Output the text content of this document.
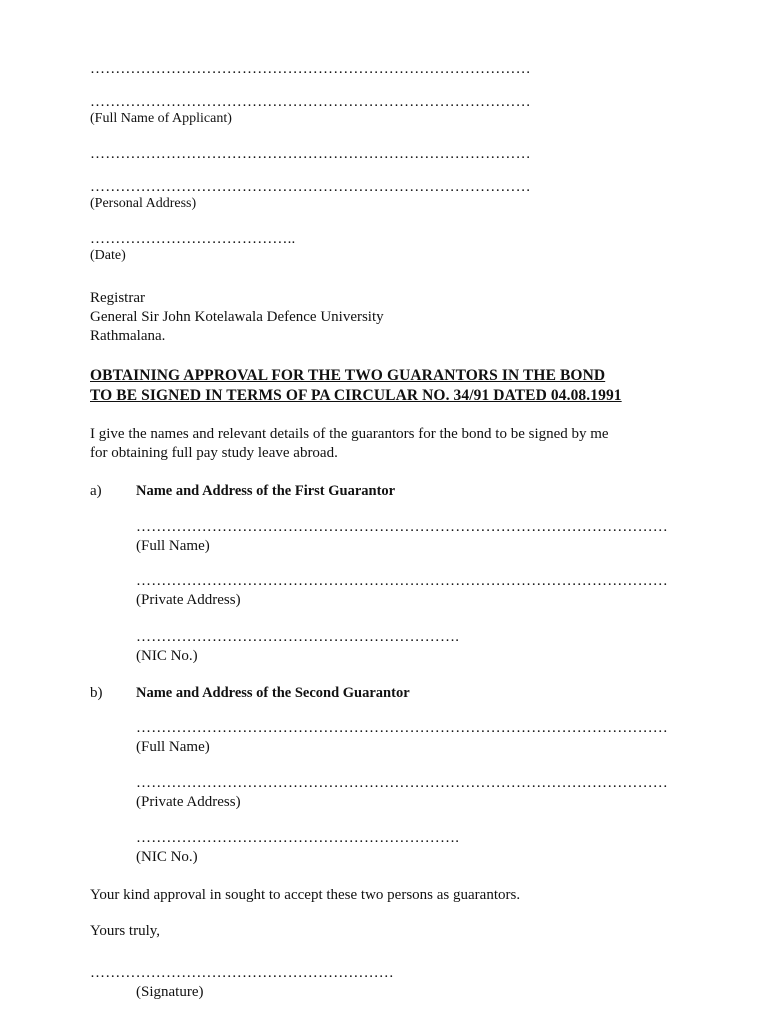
……………………………………………………………………………
……………………………………………………………………………
(Full Name of Applicant)
……………………………………………………………………………
……………………………………………………………………………
(Personal Address)
…………………………………..
(Date)
Registrar
General Sir John Kotelawala Defence University
Rathmalana.
OBTAINING APPROVAL FOR THE TWO GUARANTORS IN THE BOND
TO BE SIGNED IN TERMS OF PA CIRCULAR NO. 34/91 DATED 04.08.1991
I give the names and relevant details of the guarantors for the bond to be signed by me
for obtaining full pay study leave abroad.
a) Name and Address of the First Guarantor
……………………………………………………………………………………………
(Full Name)
……………………………………………………………………………………………
(Private Address)
……………………………………………………….
(NIC No.)
b) Name and Address of the Second Guarantor
……………………………………………………………………………………………
(Full Name)
……………………………………………………………………………………………
(Private Address)
……………………………………………………….
(NIC No.)
Your kind approval in sought to accept these two persons as guarantors.
Yours truly,
……………………………………………………
(Signature)
